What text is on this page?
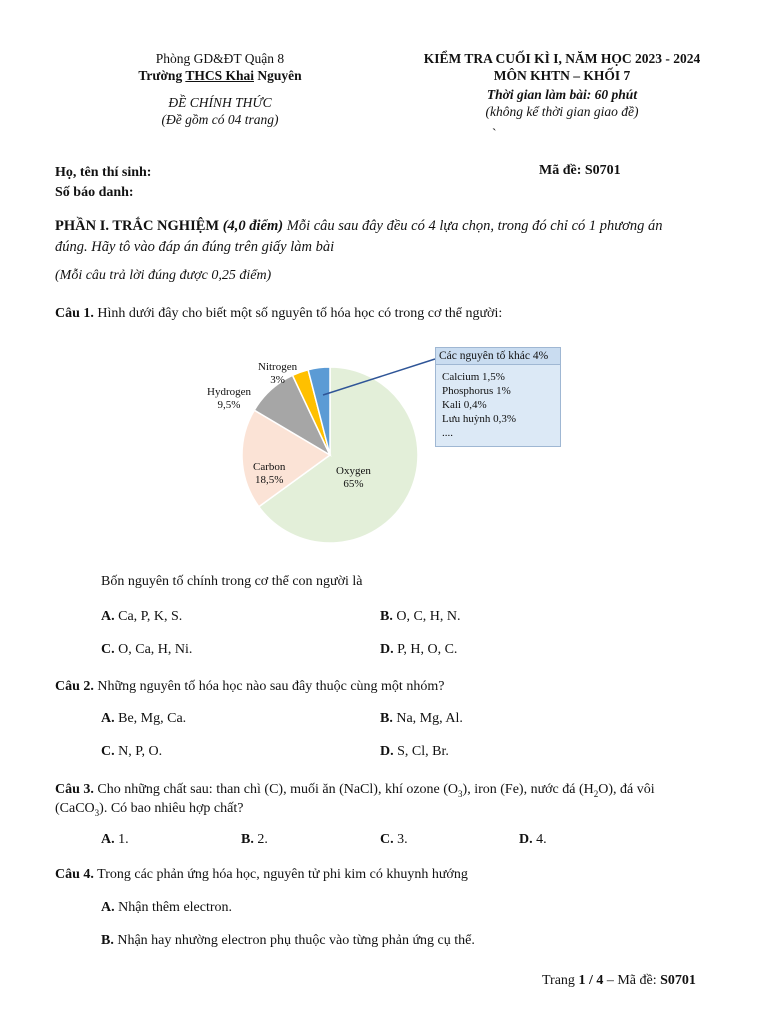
Phòng GD&ĐT Quận 8
Trường THCS Khai Nguyên
ĐỀ CHÍNH THỨC
(Đề gồm có 04 trang)
KIỂM TRA CUỐI KÌ I, NĂM HỌC 2023 - 2024
MÔN KHTN – KHỐI 7
Thời gian làm bài: 60 phút
(không kể thời gian giao đề)
`
Họ, tên thí sinh:
Số báo danh:
Mã đề: S0701
PHẦN I. TRẮC NGHIỆM (4,0 điểm) Mỗi câu sau đây đều có 4 lựa chọn, trong đó chỉ có 1 phương án
đúng. Hãy tô vào đáp án đúng trên giấy làm bài
(Mỗi câu trả lời đúng được 0,25 điểm)
Câu 1. Hình dưới đây cho biết một số nguyên tố hóa học có trong cơ thể người:
Oxygen
65%
Carbon
18,5%
Hydrogen
9,5%
Nitrogen
3%
Các nguyên tố khác 4%
Calcium 1,5%
Phosphorus 1%
Kali 0,4%
Lưu huỳnh 0,3%
....
Bốn nguyên tố chính trong cơ thể con người là
A. Ca, P, K, S.	B. O, C, H, N.
C. O, Ca, H, Ni.	D. P, H, O, C.
Câu 2. Những nguyên tố hóa học nào sau đây thuộc cùng một nhóm?
A. Be, Mg, Ca.	B. Na, Mg, Al.
C. N, P, O.	D. S, Cl, Br.
Câu 3. Cho những chất sau: than chì (C), muối ăn (NaCl), khí ozone $(O_3)$, iron (Fe), nước đá $(H_2O)$, đá vôi
(CaCO$_3$). Có bao nhiêu hợp chất?
A. 1.	B. 2.	C. 3.	D. 4.
Câu 4. Trong các phản ứng hóa học, nguyên tử phi kim có khuynh hướng
A. Nhận thêm electron.
B. Nhận hay nhường electron phụ thuộc vào từng phản ứng cụ thể.
Trang 1 / 4 – Mã đề: S0701
